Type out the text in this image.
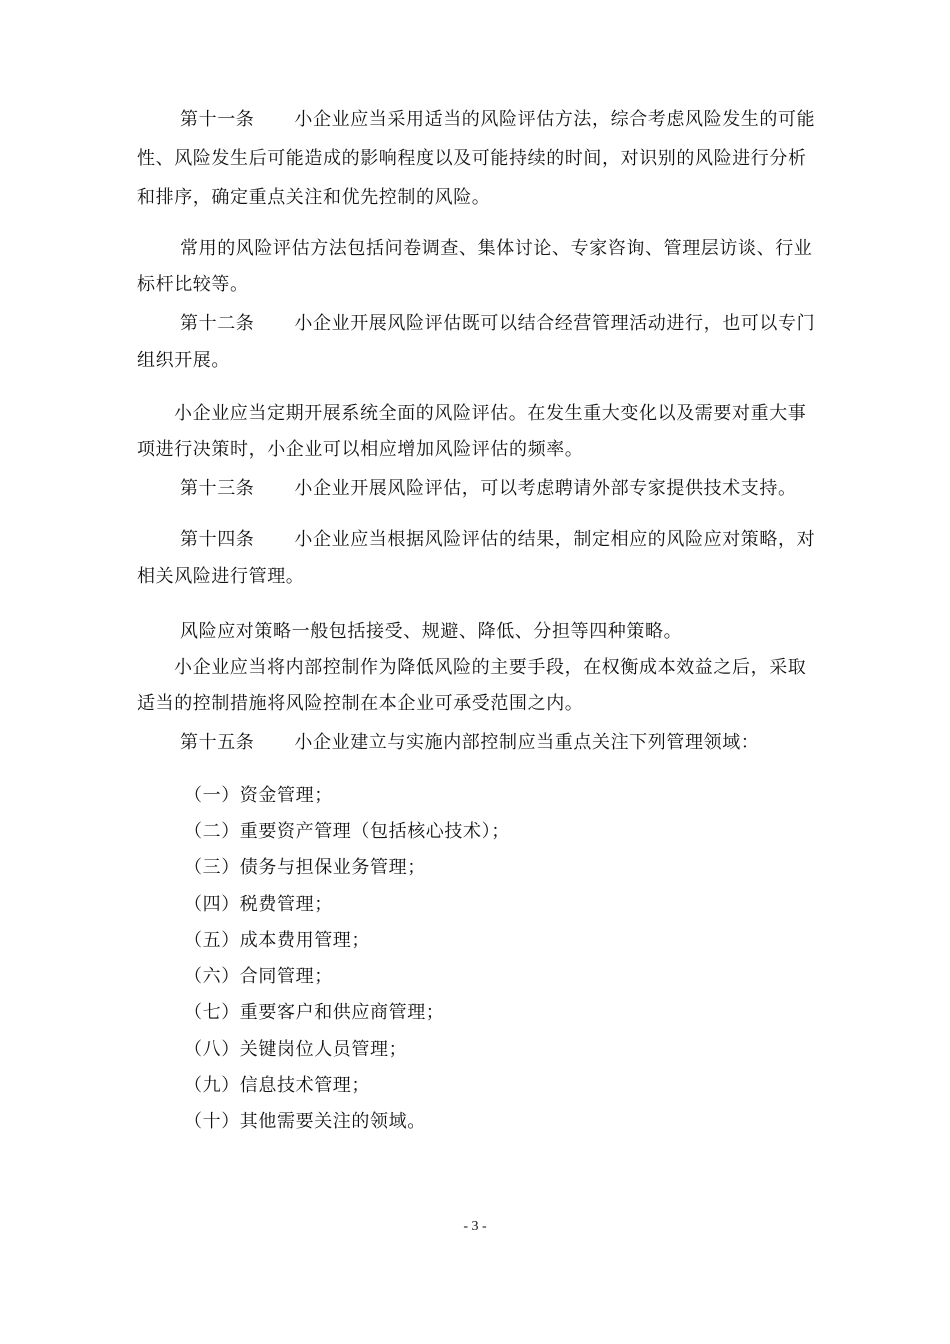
第十一条 小企业应当采用适当的风险评估方法，综合考虑风险发生的可能
性、风险发生后可能造成的影响程度以及可能持续的时间，对识别的风险进行分析
和排序，确定重点关注和优先控制的风险。
常用的风险评估方法包括问卷调查、集体讨论、专家咨询、管理层访谈、行业
标杆比较等。
第十二条 小企业开展风险评估既可以结合经营管理活动进行，也可以专门
组织开展。
小企业应当定期开展系统全面的风险评估。在发生重大变化以及需要对重大事
项进行决策时，小企业可以相应增加风险评估的频率。
第十三条 小企业开展风险评估，可以考虑聘请外部专家提供技术支持。
第十四条 小企业应当根据风险评估的结果，制定相应的风险应对策略，对
相关风险进行管理。
风险应对策略一般包括接受、规避、降低、分担等四种策略。
小企业应当将内部控制作为降低风险的主要手段，在权衡成本效益之后，采取
适当的控制措施将风险控制在本企业可承受范围之内。
第十五条 小企业建立与实施内部控制应当重点关注下列管理领域：
（一）资金管理；
（二）重要资产管理（包括核心技术）；
（三）债务与担保业务管理；
（四）税费管理；
（五）成本费用管理；
（六）合同管理；
（七）重要客户和供应商管理；
（八）关键岗位人员管理；
（九）信息技术管理；
（十）其他需要关注的领域。
- 3 -
